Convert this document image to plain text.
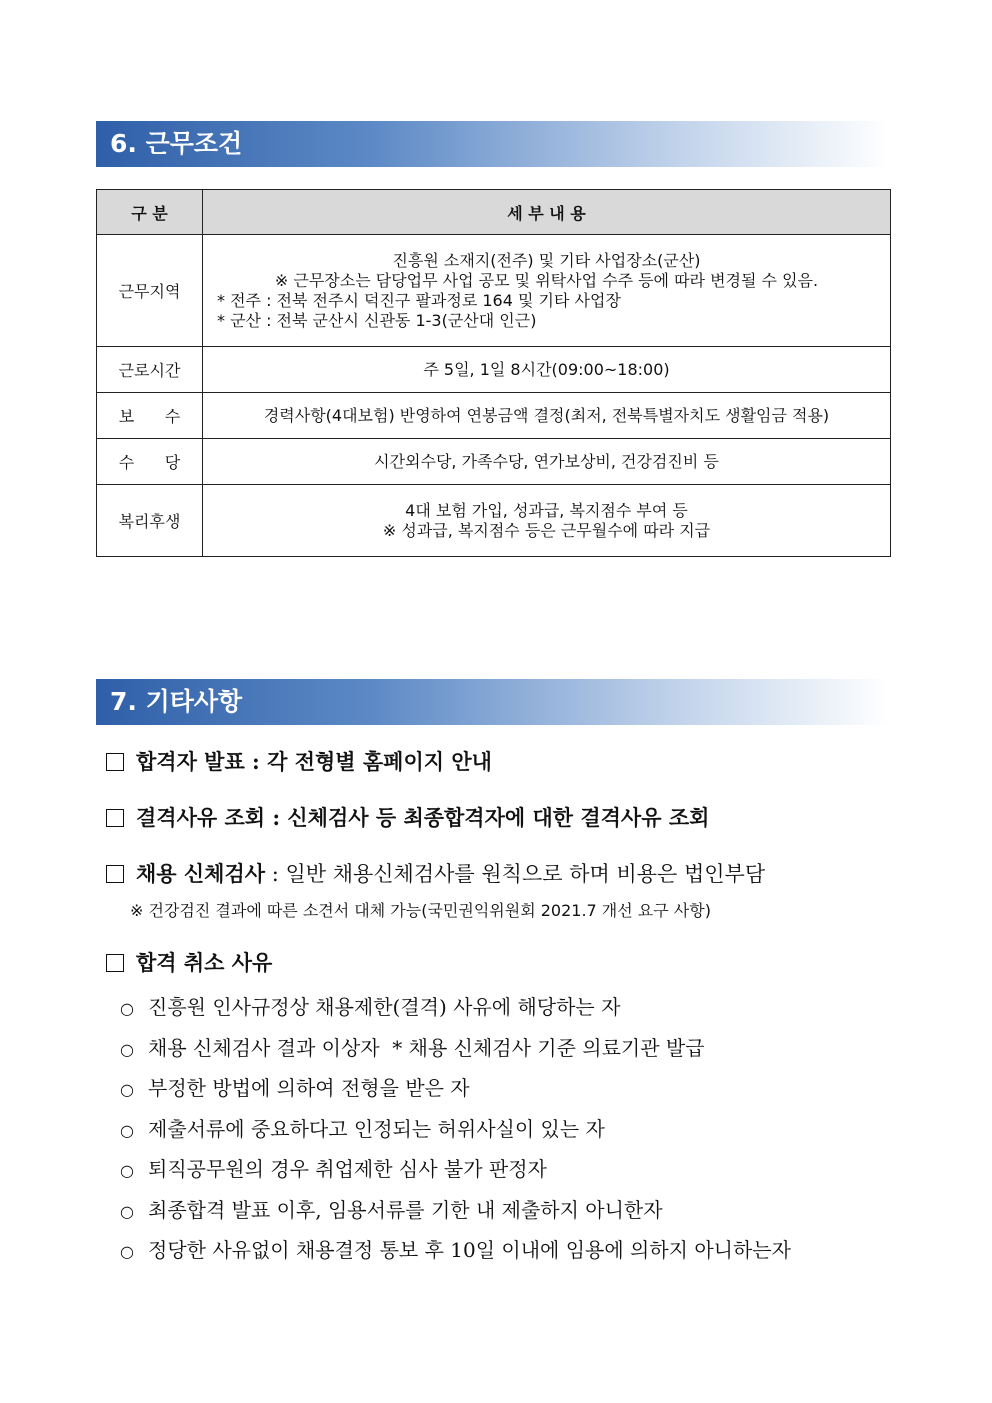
6. 근무조건
구 분	세 부 내 용
근무지역	진흥원 소재지(전주) 및 기타 사업장소(군산)
※ 근무장소는 담당업무 사업 공모 및 위탁사업 수주 등에 따라 변경될 수 있음.
* 전주 : 전북 전주시 덕진구 팔과정로 164 및 기타 사업장
* 군산 : 전북 군산시 신관동 1-3(군산대 인근)

근로시간	주 5일, 1일 8시간(09:00~18:00)
보      수	경력사항(4대보험) 반영하여 연봉금액 결정(최저, 전북특별자치도 생활임금 적용)
수      당	시간외수당, 가족수당, 연가보상비, 건강검진비 등
복리후생	4대 보험 가입, 성과급, 복지점수 부여 등
※ 성과급, 복지점수 등은 근무월수에 따라 지급
7. 기타사항
합격자 발표 : 각 전형별 홈페이지 안내
결격사유 조회 : 신체검사 등 최종합격자에 대한 결격사유 조회
채용 신체검사 : 일반 채용신체검사를 원칙으로 하며 비용은 법인부담
※ 건강검진 결과에 따른 소견서 대체 가능(국민권익위원회 2021.7 개선 요구 사항)
합격 취소 사유
○ 진흥원 인사규정상 채용제한(결격) 사유에 해당하는 자
○ 채용 신체검사 결과 이상자  * 채용 신체검사 기준 의료기관 발급
○ 부정한 방법에 의하여 전형을 받은 자
○ 제출서류에 중요하다고 인정되는 허위사실이 있는 자
○ 퇴직공무원의 경우 취업제한 심사 불가 판정자
○ 최종합격 발표 이후, 임용서류를 기한 내 제출하지 아니한자
○ 정당한 사유없이 채용결정 통보 후 10일 이내에 임용에 의하지 아니하는자
